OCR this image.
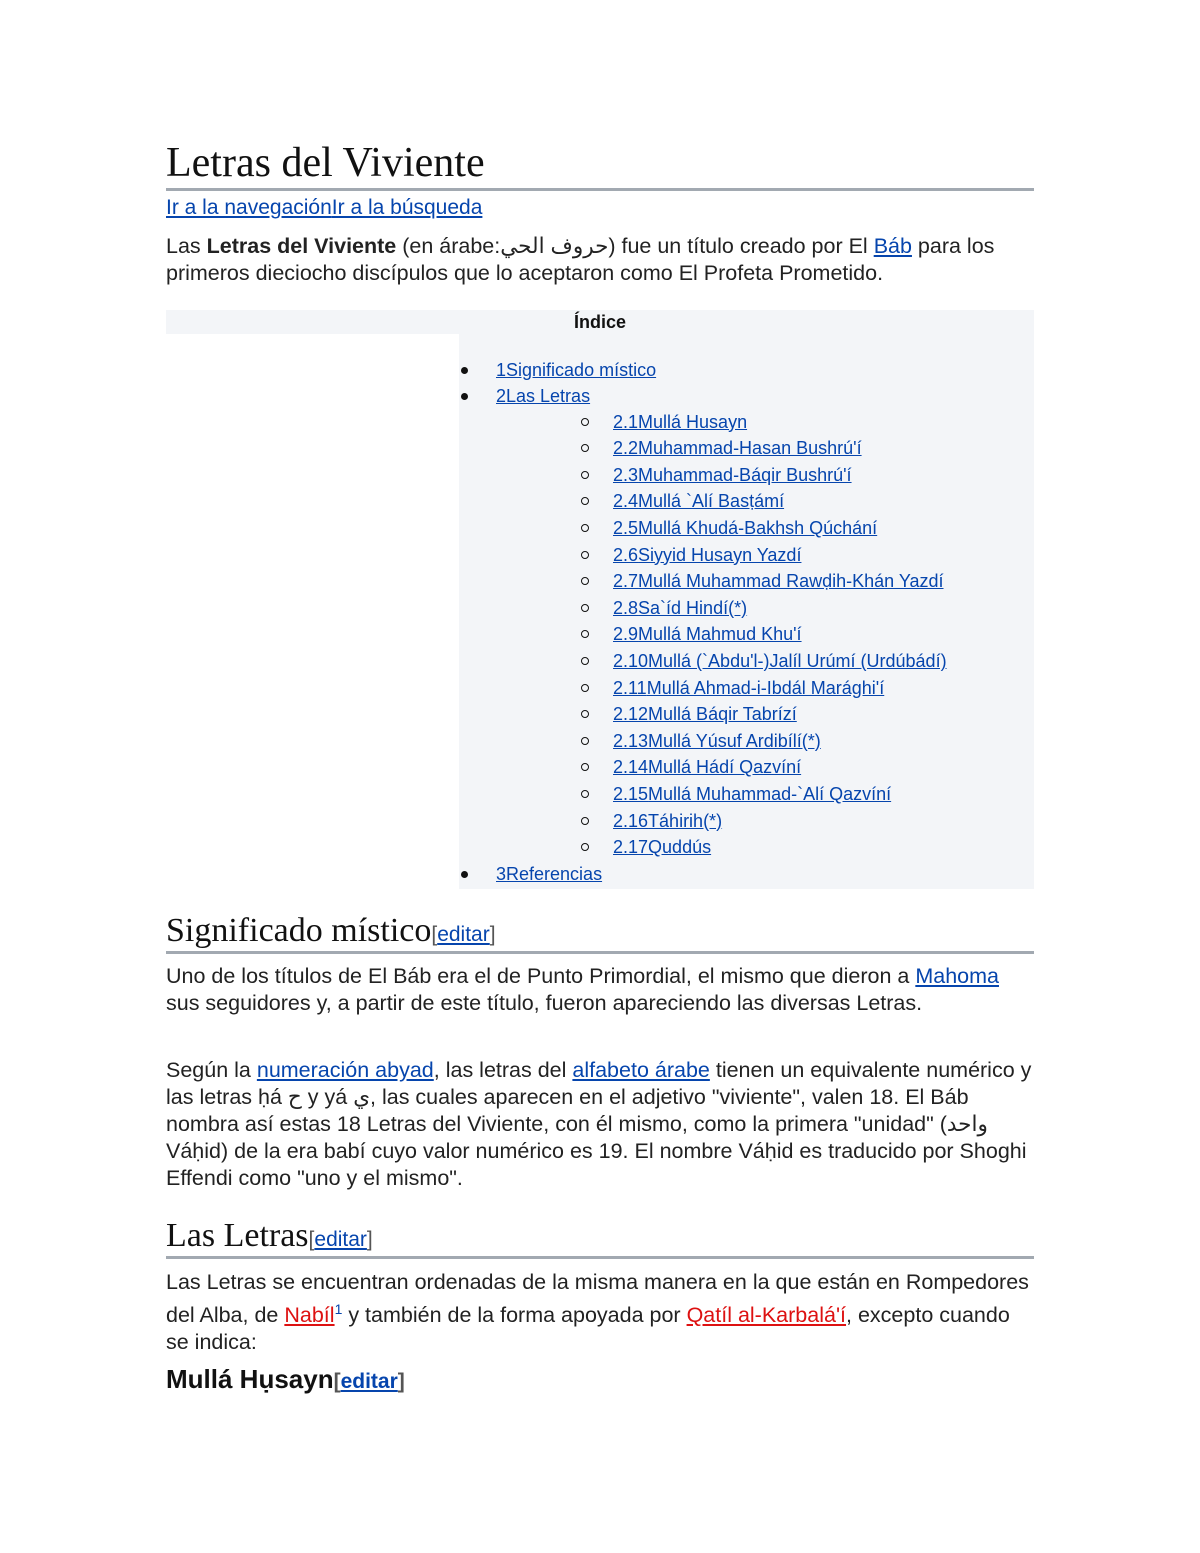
Letras del Viviente
Ir a la navegaciónIr a la búsqueda

Las Letras del Viviente (en árabe:حروف الحي) fue un título creado por El Báb para los primeros dieciocho discípulos que lo aceptaron como El Profeta Prometido.

Índice
1Significado místico
2Las Letras
2.1Mullá Husayn
2.2Muhammad-Hasan Bushrú'í
2.3Muhammad-Báqir Bushrú'í
2.4Mullá `Alí Basṭámí
2.5Mullá Khudá-Bakhsh Qúchání
2.6Siyyid Husayn Yazdí
2.7Mullá Muhammad Rawḍih-Khán Yazdí
2.8Sa`íd Hindí(*)
2.9Mullá Mahmud Khu'í
2.10Mullá (`Abdu'l-)Jalíl Urúmí (Urdúbádí)
2.11Mullá Ahmad-i-Ibdál Marághi'í
2.12Mullá Báqir Tabrízí
2.13Mullá Yúsuf Ardibílí(*)
2.14Mullá Hádí Qazvíní
2.15Mullá Muhammad-`Alí Qazvíní
2.16Táhirih(*)
2.17Quddús
3Referencias
Significado místico[editar]

Uno de los títulos de El Báb era el de Punto Primordial, el mismo que dieron a Mahoma sus seguidores y, a partir de este título, fueron apareciendo las diversas Letras.

Según la numeración abyad, las letras del alfabeto árabe tienen un equivalente numérico y las letras ḥá ح y yá ي, las cuales aparecen en el adjetivo "viviente", valen 18. El Báb nombra así estas 18 Letras del Viviente, con él mismo, como la primera "unidad" (واحد Váḥid) de la era babí cuyo valor numérico es 19. El nombre Váḥid es traducido por Shoghi Effendi como "uno y el mismo".

Las Letras[editar]

Las Letras se encuentran ordenadas de la misma manera en la que están en Rompedores del Alba, de Nabíl$^1$ y también de la forma apoyada por Qatíl al-Karbalá'í, excepto cuando se indica:

Mullá Hụsayn[editar]
